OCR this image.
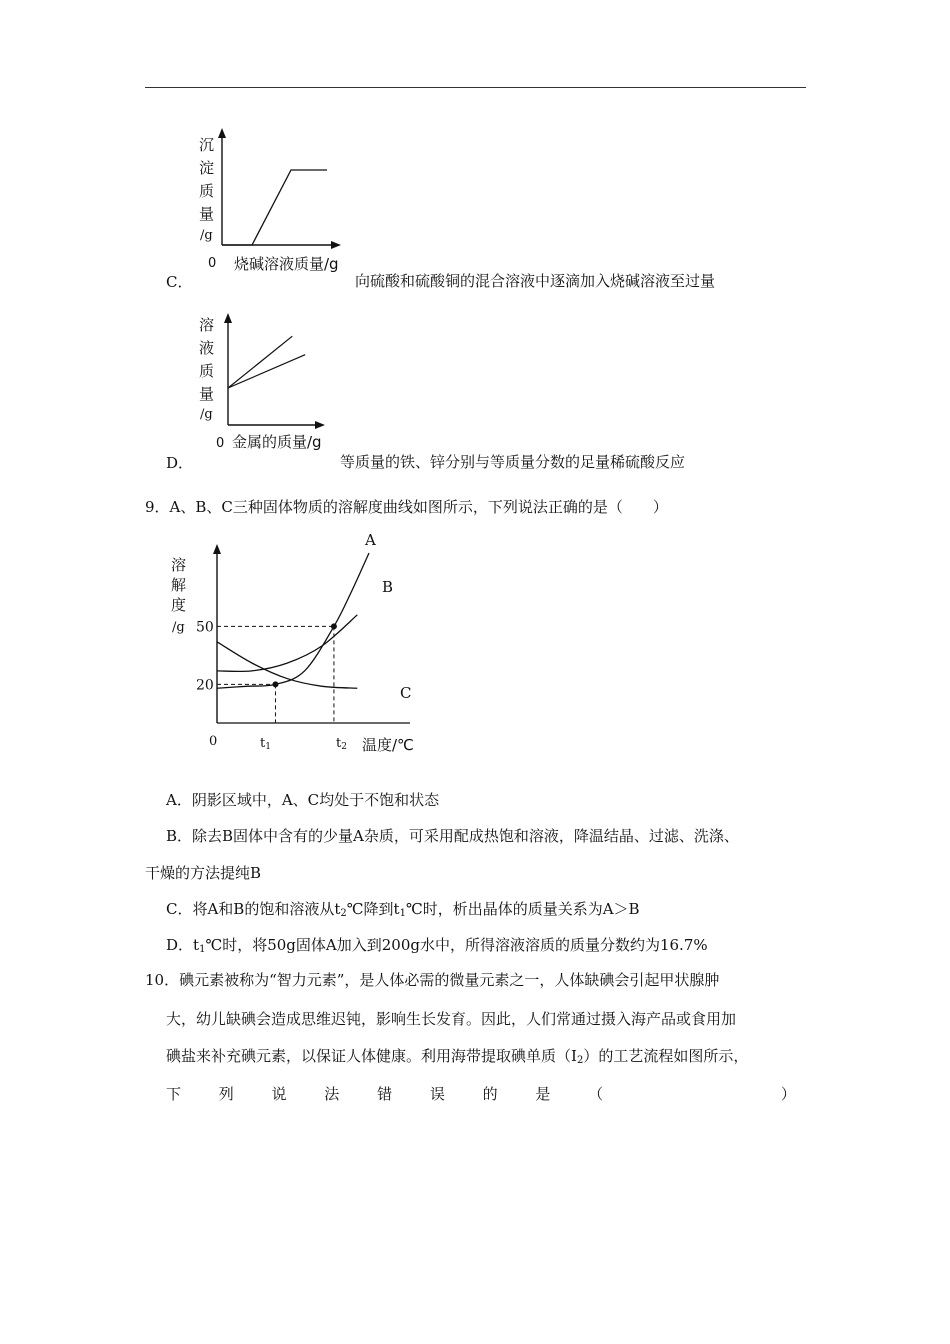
沉
淀
质
量
/g
0 烧碱溶液质量/g
C．	向硫酸和硫酸铜的混合溶液中逐滴加入烧碱溶液至过量
溶
液
质
量
/g
0 金属的质量/g
D．	等质量的铁、锌分别与等质量分数的足量稀硫酸反应
9．A、B、C三种固体物质的溶解度曲线如图所示，下列说法正确的是（　　）
溶
解
度
/g 50
20
0	t1	t2 温度/℃
A
B
C
A．阴影区域中，A、C均处于不饱和状态
B．除去B固体中含有的少量A杂质，可采用配成热饱和溶液，降温结晶、过滤、洗涤、
干燥的方法提纯B
C．将A和B的饱和溶液从$t_2℃$降到$t_1℃$时，析出晶体的质量关系为A＞B
D．$t_1℃$时，将50g固体A加入到200g水中，所得溶液溶质的质量分数约为16.7%
10．碘元素被称为“智力元素”，是人体必需的微量元素之一，人体缺碘会引起甲状腺肿
大，幼儿缺碘会造成思维迟钝，影响生长发育。因此，人们常通过摄入海产品或食用加
碘盐来补充碘元素，以保证人体健康。利用海带提取碘单质$(I_2)$的工艺流程如图所示，
下	列	说	法	错	误	的	是	（	）
